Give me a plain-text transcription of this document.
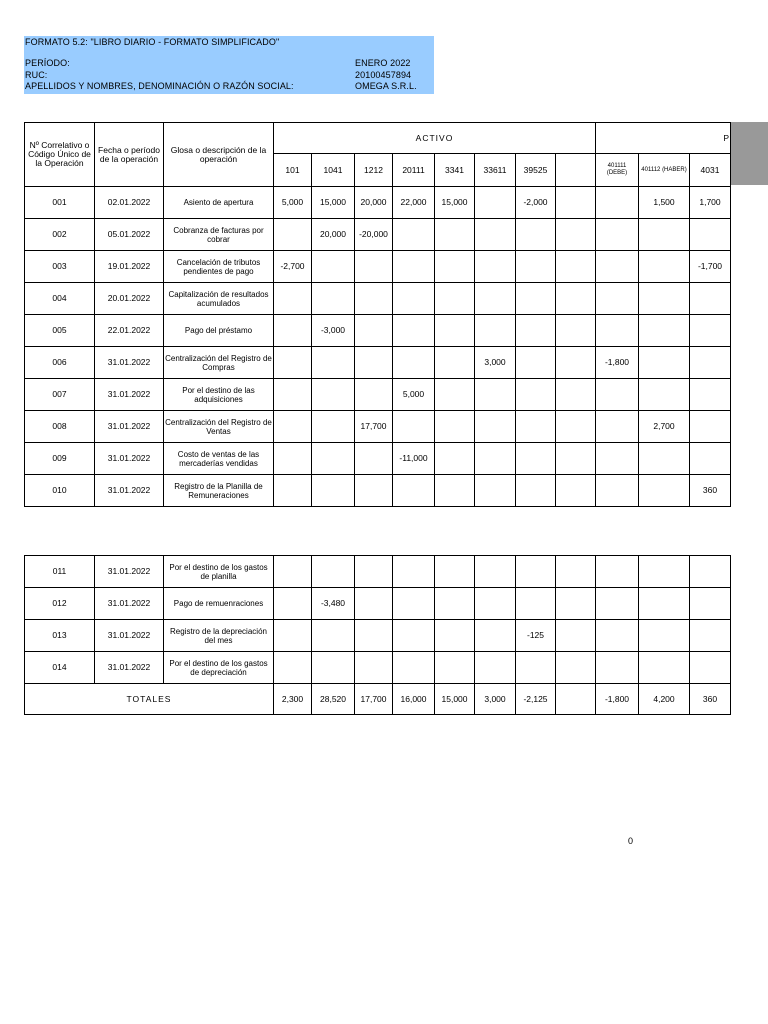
FORMATO 5.2: "LIBRO DIARIO - FORMATO SIMPLIFICADO"
PERÍODO:	ENERO 2022
RUC:	20100457894
APELLIDOS Y NOMBRES, DENOMINACIÓN O RAZÓN SOCIAL:	OMEGA S.R.L.
Nº Correlativo o Código Único de la Operación	Fecha o período de la operación	Glosa o descripción de la operación	ACTIVO								P		
			101	1041	1212	20111	3341	33611	39525		401111 (DEBE)	401112 (HABER)	4031
001	02.01.2022	Asiento de apertura	5,000	15,000	20,000	22,000	15,000		-2,000			1,500	1,700
002	05.01.2022	Cobranza de facturas por cobrar		20,000	-20,000								
003	19.01.2022	Cancelación de tributos pendientes de pago	-2,700										-1,700
004	20.01.2022	Capitalización de resultados acumulados											
005	22.01.2022	Pago del préstamo		-3,000									
006	31.01.2022	Centralización del Registro de Compras						3,000			-1,800		
007	31.01.2022	Por el destino de las adquisiciones				5,000							
008	31.01.2022	Centralización del Registro de Ventas			17,700							2,700	
009	31.01.2022	Costo de ventas de las mercaderías vendidas				-11,000							
010	31.01.2022	Registro de la Planilla de Remuneraciones											360
011	31.01.2022	Por el destino de los gastos de planilla											
012	31.01.2022	Pago de remuenraciones		-3,480									
013	31.01.2022	Registro de la depreciación del mes							-125				
014	31.01.2022	Por el destino de los gastos de depreciación											
TOTALES			2,300	28,520	17,700	16,000	15,000	3,000	-2,125		-1,800	4,200	360
0
